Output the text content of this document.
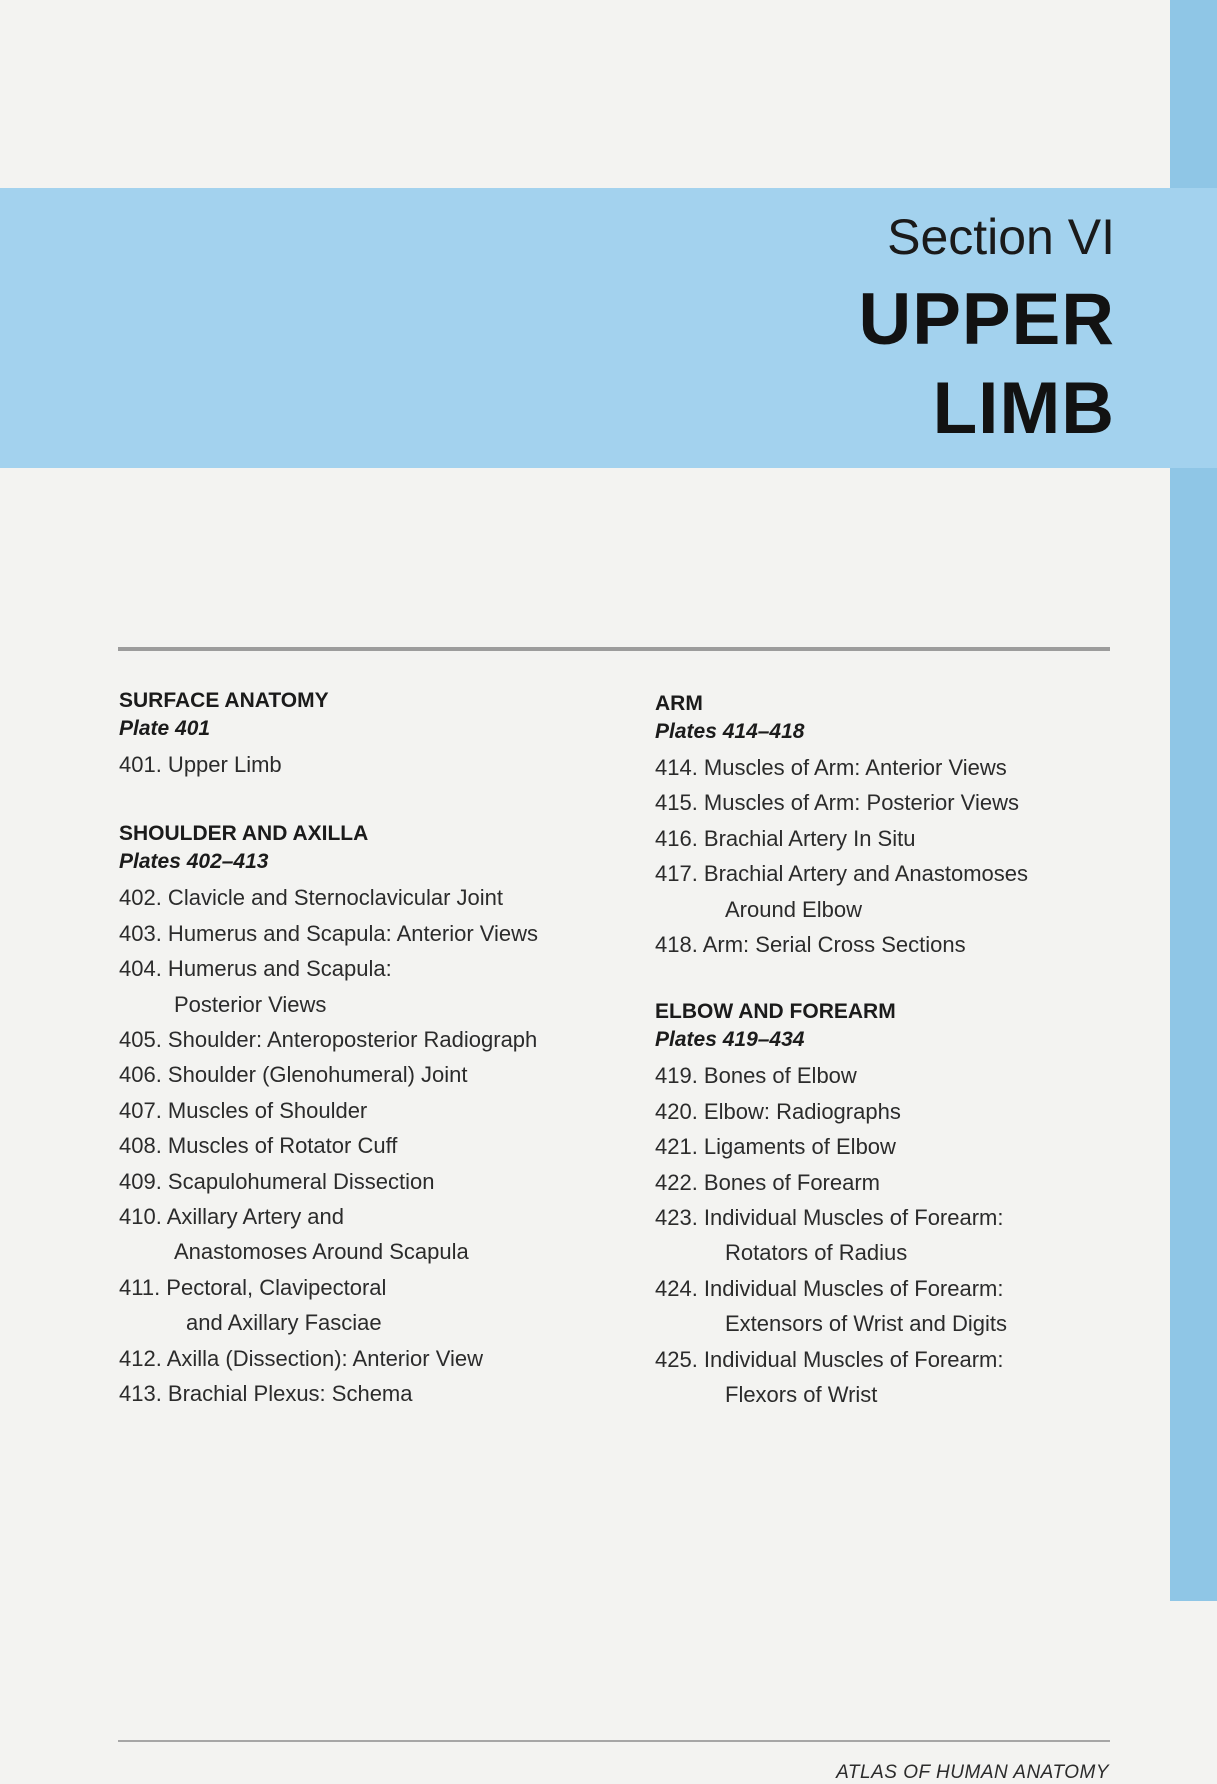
Section VI
UPPER
LIMB
SURFACE ANATOMY
Plate 401
401. Upper Limb
SHOULDER AND AXILLA
Plates 402–413
402. Clavicle and Sternoclavicular Joint
403. Humerus and Scapula: Anterior Views
404. Humerus and Scapula:
Posterior Views
405. Shoulder: Anteroposterior Radiograph
406. Shoulder (Glenohumeral) Joint
407. Muscles of Shoulder
408. Muscles of Rotator Cuff
409. Scapulohumeral Dissection
410. Axillary Artery and
Anastomoses Around Scapula
411. Pectoral, Clavipectoral
and Axillary Fasciae
412. Axilla (Dissection): Anterior View
413. Brachial Plexus: Schema
ARM
Plates 414–418
414. Muscles of Arm: Anterior Views
415. Muscles of Arm: Posterior Views
416. Brachial Artery In Situ
417. Brachial Artery and Anastomoses
Around Elbow
418. Arm: Serial Cross Sections
ELBOW AND FOREARM
Plates 419–434
419. Bones of Elbow
420. Elbow: Radiographs
421. Ligaments of Elbow
422. Bones of Forearm
423. Individual Muscles of Forearm:
Rotators of Radius
424. Individual Muscles of Forearm:
Extensors of Wrist and Digits
425. Individual Muscles of Forearm:
Flexors of Wrist
ATLAS OF HUMAN ANATOMY
